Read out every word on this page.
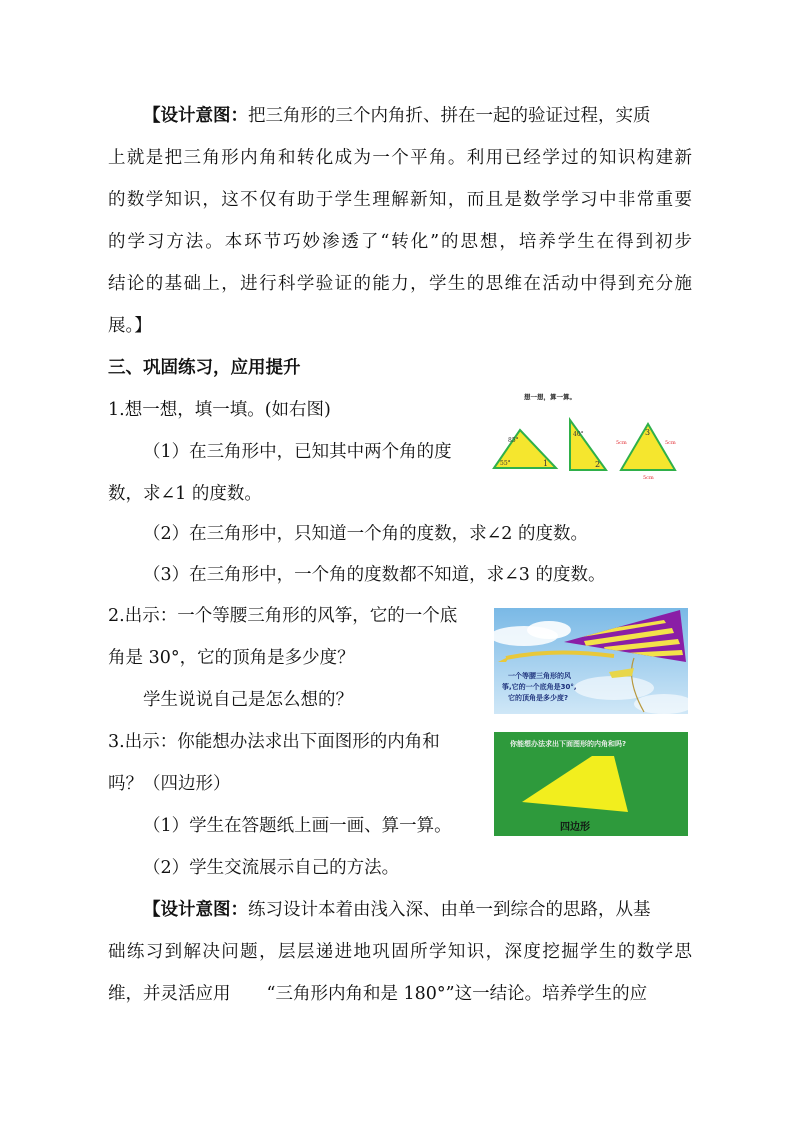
【设计意图：把三角形的三个内角折、拼在一起的验证过程，实质
上就是把三角形内角和转化成为一个平角。利用已经学过的知识构建新
的数学知识，这不仅有助于学生理解新知，而且是数学学习中非常重要
的学习方法。本环节巧妙渗透了“转化”的思想，培养学生在得到初步
结论的基础上，进行科学验证的能力，学生的思维在活动中得到充分施
展。】
三、巩固练习，应用提升
1.想一想，填一填。(如右图)
（1）在三角形中，已知其中两个角的度
数，求∠1 的度数。
（2）在三角形中，只知道一个角的度数，求∠2 的度数。
（3）在三角形中，一个角的度数都不知道，求∠3 的度数。
想一想，算一算。
85°
55°	1
40°
2
3
5cm	5cm
5cm
2.出示：一个等腰三角形的风筝，它的一个底
角是 30°，它的顶角是多少度？
学生说说自己是怎么想的？
一个等腰三角形的风
筝,它的一个底角是30°,
它的顶角是多少度?
3.出示：你能想办法求出下面图形的内角和
吗？（四边形）
（1）学生在答题纸上画一画、算一算。
（2）学生交流展示自己的方法。
你能想办法求出下面图形的内角和吗?
四边形
【设计意图：练习设计本着由浅入深、由单一到综合的思路，从基
础练习到解决问题，层层递进地巩固所学知识，深度挖掘学生的数学思
维，并灵活应用 “三角形内角和是 180°”这一结论。培养学生的应
